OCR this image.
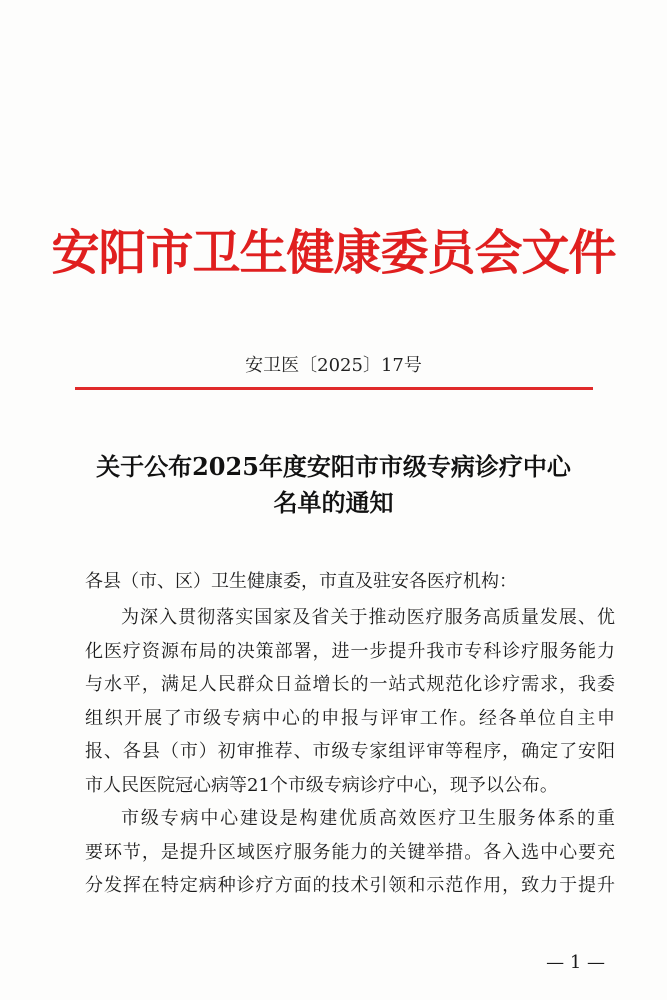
安阳市卫生健康委员会文件
安卫医〔2025〕17号
关于公布2025年度安阳市市级专病诊疗中心
名单的通知
各县（市、区）卫生健康委，市直及驻安各医疗机构：
为深入贯彻落实国家及省关于推动医疗服务高质量发展、优
化医疗资源布局的决策部署，进一步提升我市专科诊疗服务能力
与水平，满足人民群众日益增长的一站式规范化诊疗需求，我委
组织开展了市级专病中心的申报与评审工作。经各单位自主申
报、各县（市）初审推荐、市级专家组评审等程序，确定了安阳
市人民医院冠心病等21个市级专病诊疗中心，现予以公布。
市级专病中心建设是构建优质高效医疗卫生服务体系的重
要环节，是提升区域医疗服务能力的关键举措。各入选中心要充
分发挥在特定病种诊疗方面的技术引领和示范作用，致力于提升
— 1 —
